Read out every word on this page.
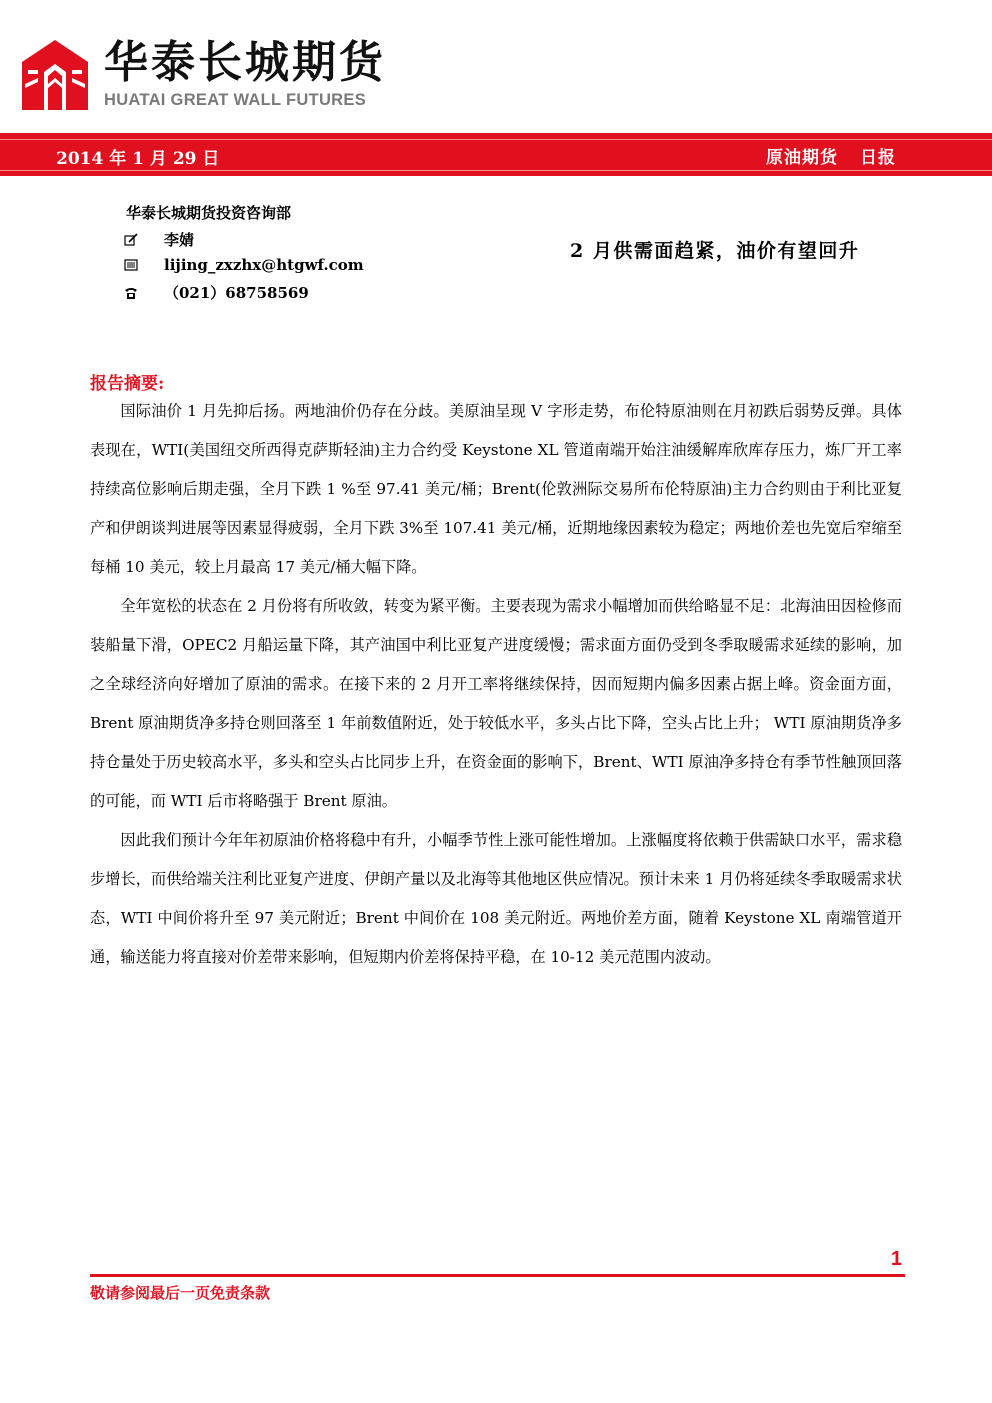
华泰长城期货
HUATAI GREAT WALL FUTURES
2014 年 1 月 29 日	原油期货 日报
华泰长城期货投资咨询部
李婧
lijing_zxzhx@htgwf.com
（021）68758569
2 月供需面趋紧，油价有望回升
报告摘要:

国际油价 1 月先抑后扬。两地油价仍存在分歧。美原油呈现 V 字形走势，布伦特原油则在月初跌后弱势反弹。具体表现在，WTI(美国纽交所西得克萨斯轻油)主力合约受 Keystone XL 管道南端开始注油缓解库欣库存压力，炼厂开工率持续高位影响后期走强，全月下跌 1 %至 97.41 美元/桶；Brent(伦敦洲际交易所布伦特原油)主力合约则由于利比亚复产和伊朗谈判进展等因素显得疲弱，全月下跌 3%至 107.41 美元/桶，近期地缘因素较为稳定；两地价差也先宽后窄缩至每桶 10 美元，较上月最高 17 美元/桶大幅下降。

全年宽松的状态在 2 月份将有所收敛，转变为紧平衡。主要表现为需求小幅增加而供给略显不足：北海油田因检修而装船量下滑，OPEC2 月船运量下降，其产油国中利比亚复产进度缓慢；需求面方面仍受到冬季取暖需求延续的影响，加之全球经济向好增加了原油的需求。在接下来的 2 月开工率将继续保持，因而短期内偏多因素占据上峰。资金面方面，Brent 原油期货净多持仓则回落至 1 年前数值附近，处于较低水平，多头占比下降，空头占比上升； WTI 原油期货净多持仓量处于历史较高水平，多头和空头占比同步上升，在资金面的影响下，Brent、WTI 原油净多持仓有季节性触顶回落的可能，而 WTI 后市将略强于 Brent 原油。

因此我们预计今年年初原油价格将稳中有升，小幅季节性上涨可能性增加。上涨幅度将依赖于供需缺口水平，需求稳步增长，而供给端关注利比亚复产进度、伊朗产量以及北海等其他地区供应情况。预计未来 1 月仍将延续冬季取暖需求状态，WTI 中间价将升至 97 美元附近；Brent 中间价在 108 美元附近。两地价差方面，随着 Keystone XL 南端管道开通，输送能力将直接对价差带来影响，但短期内价差将保持平稳，在 10-12 美元范围内波动。

1
敬请参阅最后一页免责条款
